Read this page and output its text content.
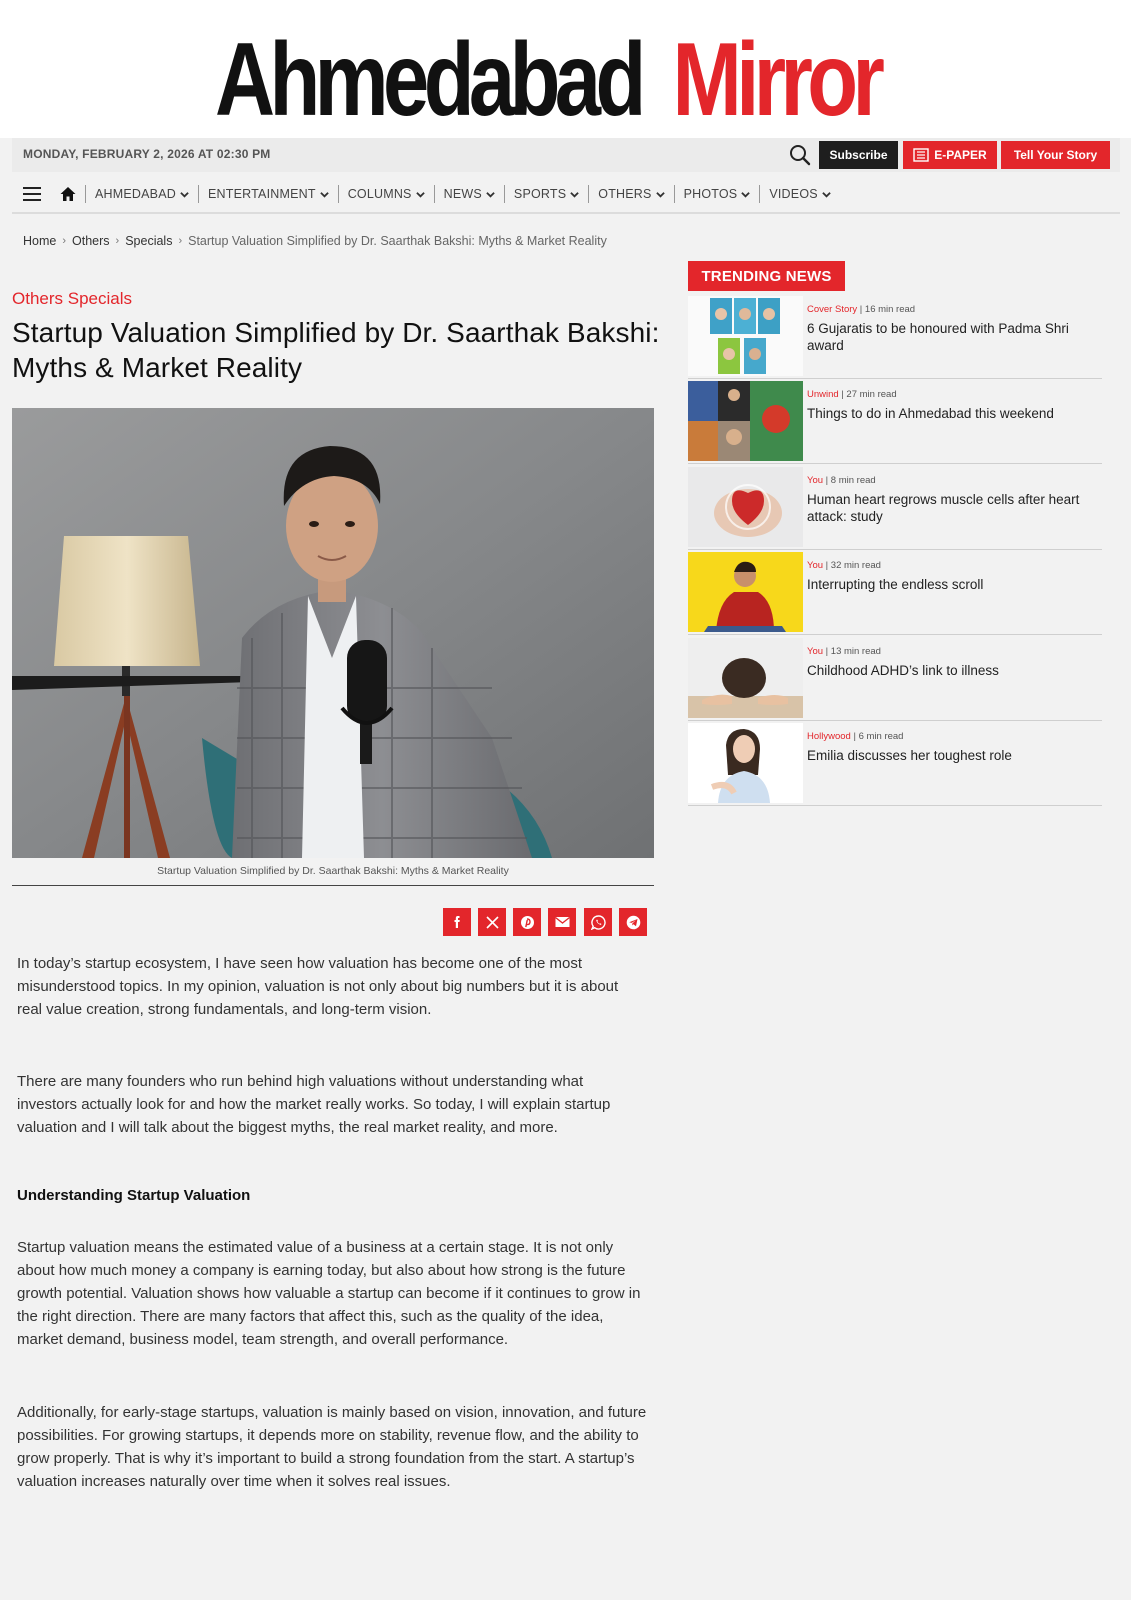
Ahmedabad Mirror
MONDAY, FEBRUARY 2, 2026 AT 02:30 PM	Subscribe	E-PAPER	Tell Your Story
AHMEDABAD	ENTERTAINMENT	COLUMNS	NEWS	SPORTS	OTHERS	PHOTOS	VIDEOS
Home › Others › Specials › Startup Valuation Simplified by Dr. Saarthak Bakshi: Myths & Market Reality
Others Specials
Startup Valuation Simplified by Dr. Saarthak Bakshi: Myths & Market Reality
Startup Valuation Simplified by Dr. Saarthak Bakshi: Myths & Market Reality

In today’s startup ecosystem, I have seen how valuation has become one of the most misunderstood topics. In my opinion, valuation is not only about big numbers but it is about real value creation, strong fundamentals, and long-term vision.

There are many founders who run behind high valuations without understanding what investors actually look for and how the market really works. So today, I will explain startup valuation and I will talk about the biggest myths, the real market reality, and more.

Understanding Startup Valuation

Startup valuation means the estimated value of a business at a certain stage. It is not only about how much money a company is earning today, but also about how strong is the future growth potential. Valuation shows how valuable a startup can become if it continues to grow in the right direction. There are many factors that affect this, such as the quality of the idea, market demand, business model, team strength, and overall performance.

Additionally, for early-stage startups, valuation is mainly based on vision, innovation, and future possibilities. For growing startups, it depends more on stability, revenue flow, and the ability to grow properly. That is why it’s important to build a strong foundation from the start. A startup’s valuation increases naturally over time when it solves real issues.

TRENDING NEWS
Cover Story | 16 min read
6 Gujaratis to be honoured with Padma Shri award
Unwind | 27 min read
Things to do in Ahmedabad this weekend
You | 8 min read
Human heart regrows muscle cells after heart attack: study
You | 32 min read
Interrupting the endless scroll
You | 13 min read
Childhood ADHD’s link to illness
Hollywood | 6 min read
Emilia discusses her toughest role
